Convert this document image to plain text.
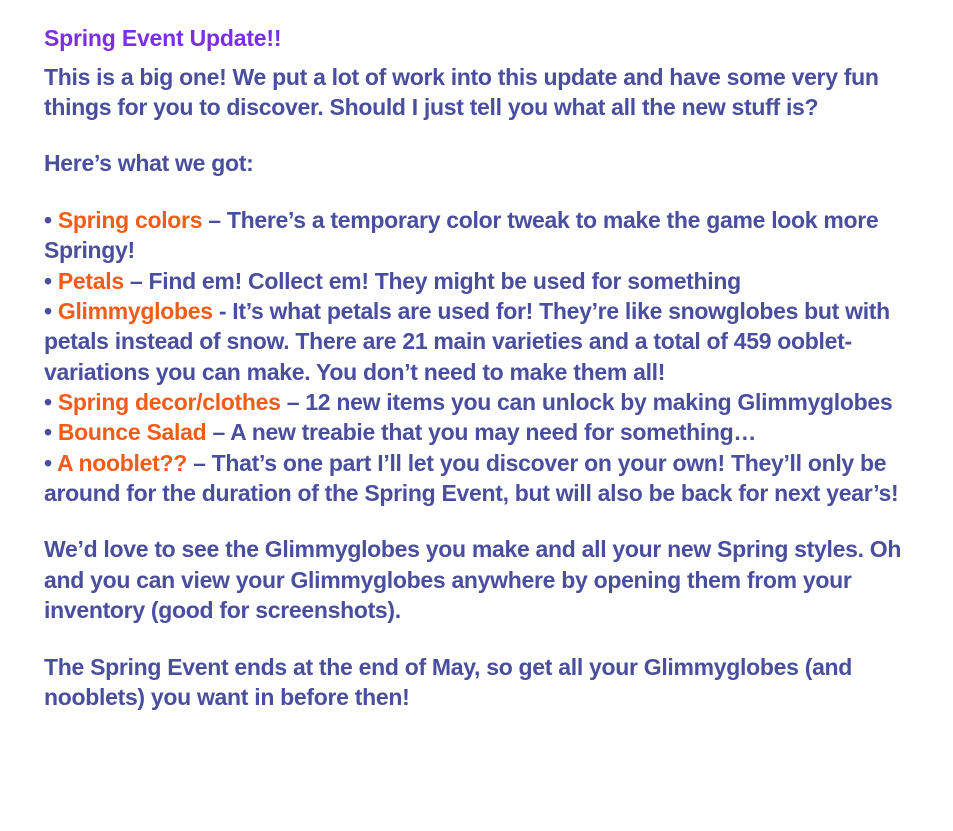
Spring Event Update!!

This is a big one! We put a lot of work into this update and have some very fun things for you to discover. Should I just tell you what all the new stuff is?

Here’s what we got:

• Spring colors – There’s a temporary color tweak to make the game look more Springy!

• Petals – Find em! Collect em! They might be used for something

• Glimmyglobes - It’s what petals are used for! They’re like snowglobes but with petals instead of snow. There are 21 main varieties and a total of 459 ooblet-variations you can make. You don’t need to make them all!

• Spring decor/clothes – 12 new items you can unlock by making Glimmyglobes

• Bounce Salad – A new treabie that you may need for something…

• A nooblet?? – That’s one part I’ll let you discover on your own! They’ll only be around for the duration of the Spring Event, but will also be back for next year’s!

We’d love to see the Glimmyglobes you make and all your new Spring styles. Oh and you can view your Glimmyglobes anywhere by opening them from your inventory (good for screenshots).

The Spring Event ends at the end of May, so get all your Glimmyglobes (and nooblets) you want in before then!
